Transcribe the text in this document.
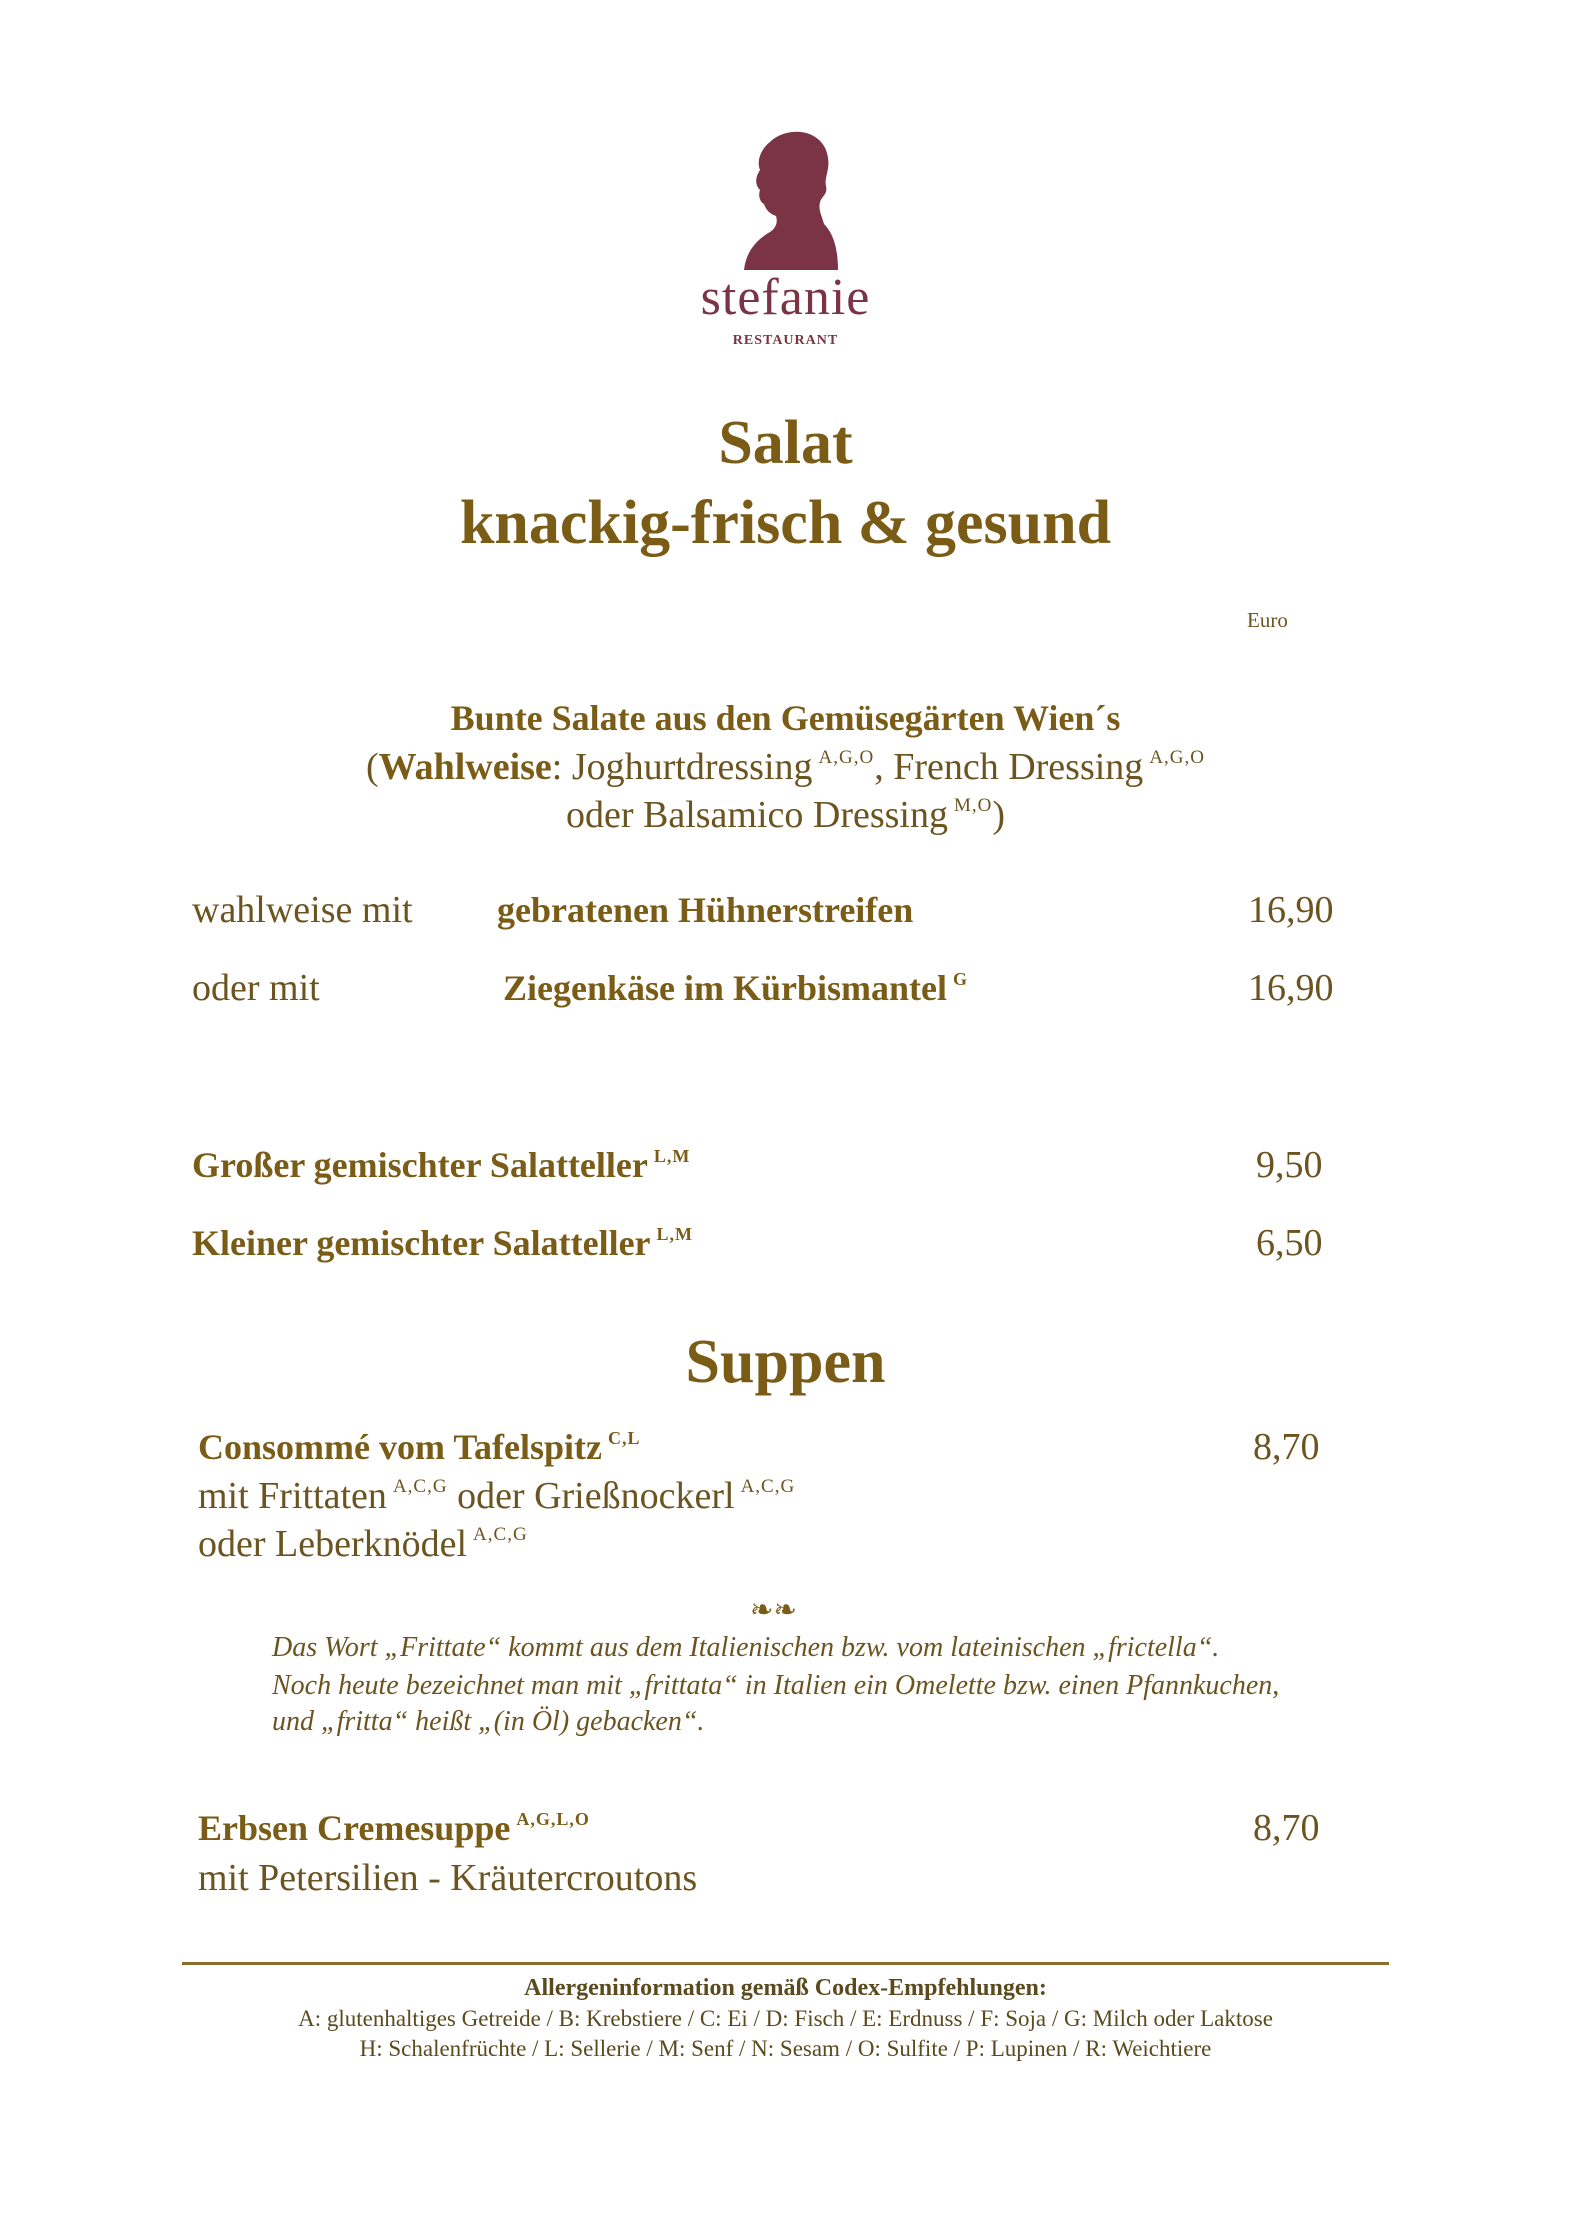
stefanie
RESTAURANT
Salat
knackig-frisch & gesund
Euro
Bunte Salate aus den Gemüsegärten Wien´s
(Wahlweise: Joghurtdressing $^{A,G,O}$, French Dressing $^{A,G,O}$
oder Balsamico Dressing $^{M,O}$)
wahlweise mit gebratenen Hühnerstreifen	16,90
oder mit	Ziegenkäse im Kürbismantel $^G$	16,90
Großer gemischter Salatteller $^{L,M}$	9,50
Kleiner gemischter Salatteller $^{L,M}$	6,50
Suppen
Consommé vom Tafelspitz $^{C,L}$	8,70
mit Frittaten $^{A,C,G}$ oder Grießnockerl $^{A,C,G}$
oder Leberknödel $^{A,C,G}$
❧❧
Das Wort „Frittate“ kommt aus dem Italienischen bzw. vom lateinischen „frictella“.
Noch heute bezeichnet man mit „frittata“ in Italien ein Omelette bzw. einen Pfannkuchen,
und „fritta“ heißt „(in Öl) gebacken“.
Erbsen Cremesuppe $^{A,G,L,O}$	8,70
mit Petersilien - Kräutercroutons
Allergeninformation gemäß Codex-Empfehlungen:
A: glutenhaltiges Getreide / B: Krebstiere / C: Ei / D: Fisch / E: Erdnuss / F: Soja / G: Milch oder Laktose
H: Schalenfrüchte / L: Sellerie / M: Senf / N: Sesam / O: Sulfite / P: Lupinen / R: Weichtiere
